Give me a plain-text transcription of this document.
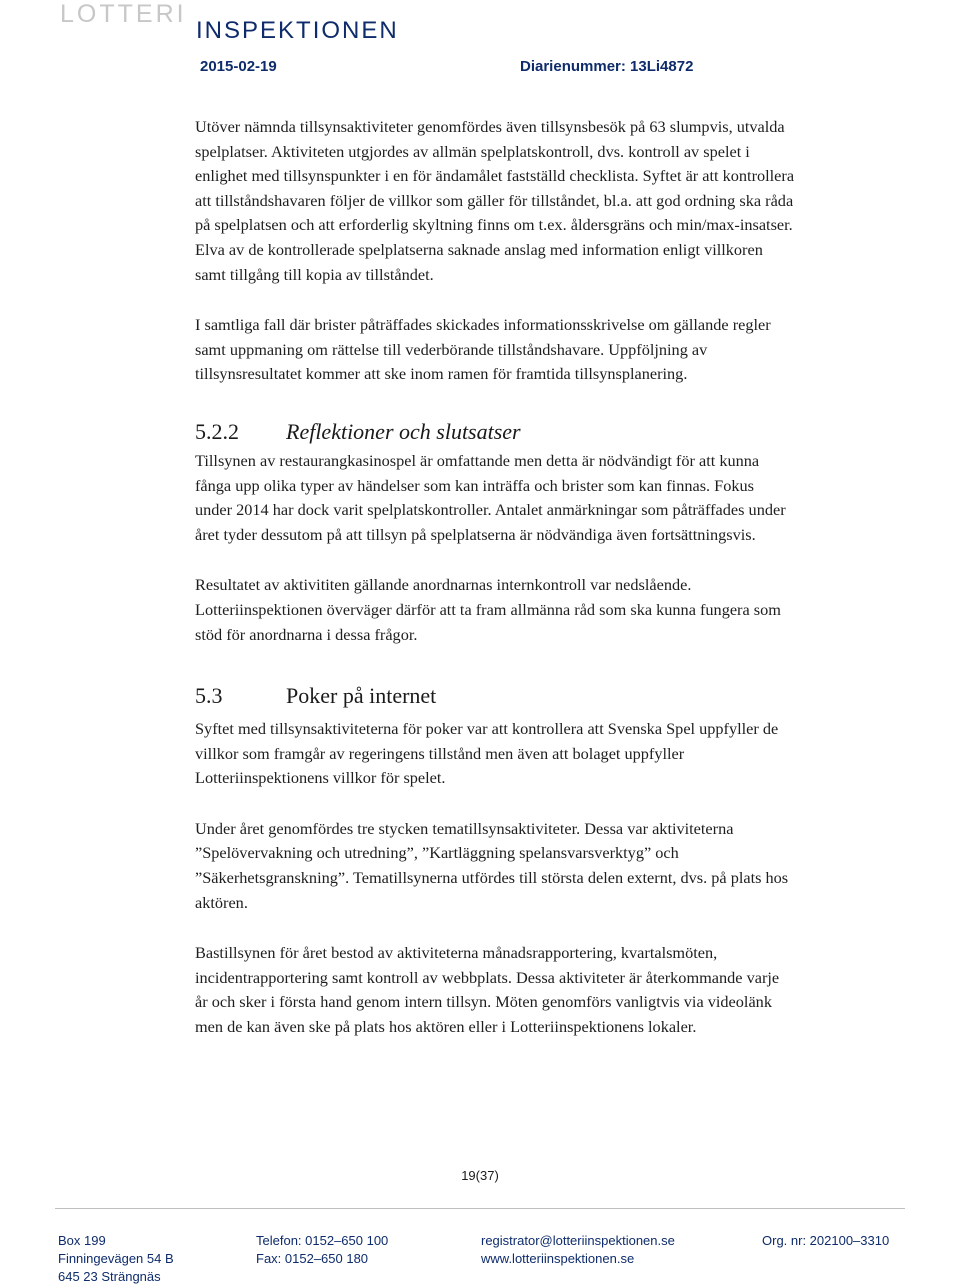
LOTTERI
INSPEKTIONEN
2015-02-19	Diarienummer: 13Li4872

Utöver nämnda tillsynsaktiviteter genomfördes även tillsynsbesök på 63 slumpvis, utvalda spelplatser. Aktiviteten utgjordes av allmän spelplatskontroll, dvs. kontroll av spelet i enlighet med tillsynspunkter i en för ändamålet fastställd checklista. Syftet är att kontrollera att tillståndshavaren följer de villkor som gäller för tillståndet, bl.a. att god ordning ska råda på spelplatsen och att erforderlig skyltning finns om t.ex. åldersgräns och min/max-insatser. Elva av de kontrollerade spelplatserna saknade anslag med information enligt villkoren samt tillgång till kopia av tillståndet.

I samtliga fall där brister påträffades skickades informationsskrivelse om gällande regler samt uppmaning om rättelse till vederbörande tillståndshavare. Uppföljning av tillsynsresultatet kommer att ske inom ramen för framtida tillsynsplanering.

5.2.2	Reflektioner och slutsatser

Tillsynen av restaurangkasinospel är omfattande men detta är nödvändigt för att kunna fånga upp olika typer av händelser som kan inträffa och brister som kan finnas. Fokus under 2014 har dock varit spelplatskontroller. Antalet anmärkningar som påträffades under året tyder dessutom på att tillsyn på spelplatserna är nödvändiga även fortsättningsvis.

Resultatet av aktivititen gällande anordnarnas internkontroll var nedslående. Lotteriinspektionen överväger därför att ta fram allmänna råd som ska kunna fungera som stöd för anordnarna i dessa frågor.

5.3	Poker på internet

Syftet med tillsynsaktiviteterna för poker var att kontrollera att Svenska Spel uppfyller de villkor som framgår av regeringens tillstånd men även att bolaget uppfyller Lotteriinspektionens villkor för spelet.

Under året genomfördes tre stycken tematillsynsaktiviteter. Dessa var aktiviteterna ”Spelövervakning och utredning”, ”Kartläggning spelansvarsverktyg” och ”Säkerhetsgranskning”. Tematillsynerna utfördes till största delen externt, dvs. på plats hos aktören.

Bastillsynen för året bestod av aktiviteterna månadsrapportering, kvartalsmöten, incidentrapportering samt kontroll av webbplats. Dessa aktiviteter är återkommande varje år och sker i första hand genom intern tillsyn. Möten genomförs vanligtvis via videolänk men de kan även ske på plats hos aktören eller i Lotteriinspektionens lokaler.

19(37)
Box 199
Finningevägen 54 B
645 23 Strängnäs
Telefon: 0152–650 100
Fax: 0152–650 180
registrator@lotteriinspektionen.se
www.lotteriinspektionen.se
Org. nr: 202100–3310
